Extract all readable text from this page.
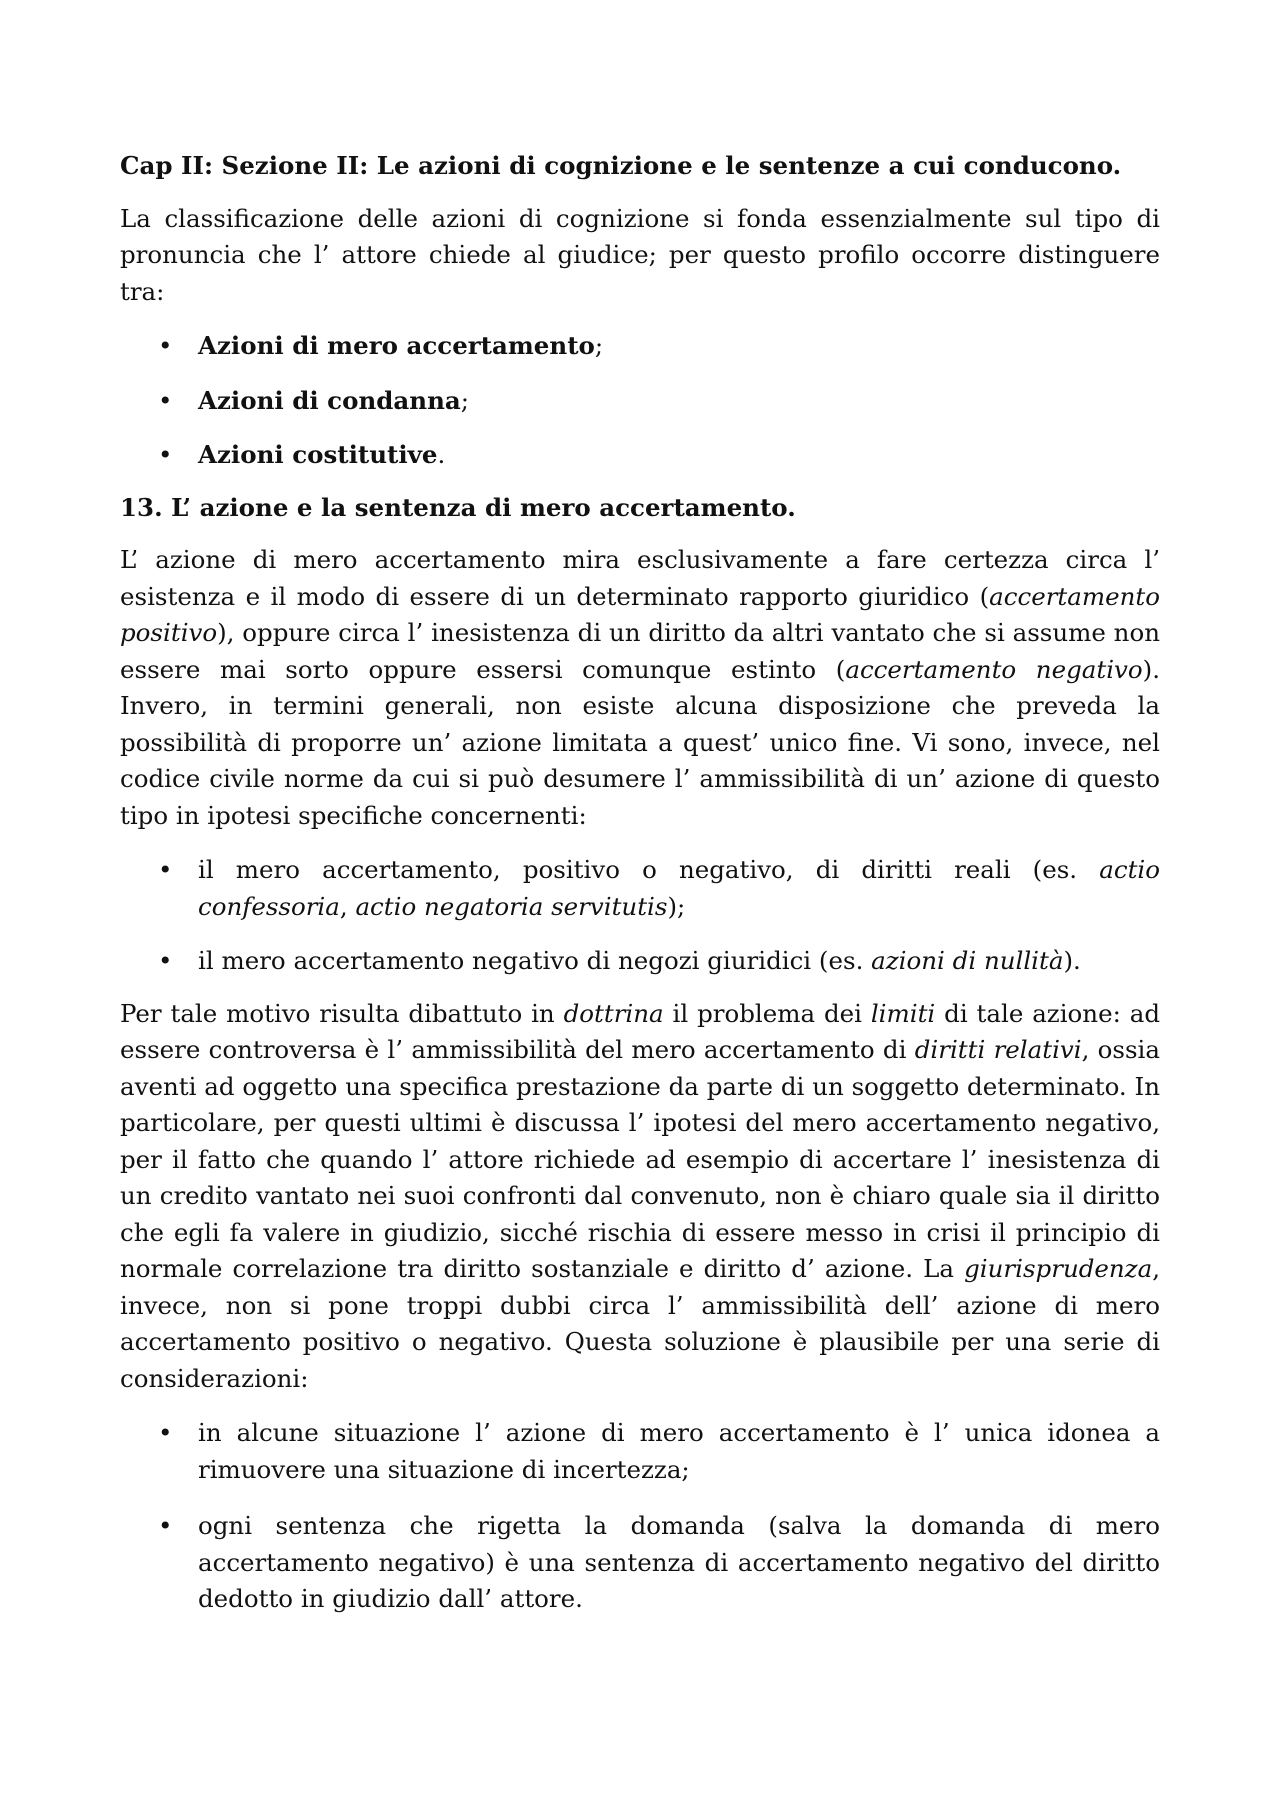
Cap II: Sezione II: Le azioni di cognizione e le sentenze a cui conducono.

La classificazione delle azioni di cognizione si fonda essenzialmente sul tipo di pronuncia che l’ attore chiede al giudice; per questo profilo occorre distinguere tra:

• Azioni di mero accertamento;
• Azioni di condanna;
• Azioni costitutive.

13. L’ azione e la sentenza di mero accertamento.

L’ azione di mero accertamento mira esclusivamente a fare certezza circa l’ esistenza e il modo di essere di un determinato rapporto giuridico (accertamento positivo), oppure circa l’ inesistenza di un diritto da altri vantato che si assume non essere mai sorto oppure essersi comunque estinto (accertamento negativo). Invero, in termini generali, non esiste alcuna disposizione che preveda la possibilità di proporre un’ azione limitata a quest’ unico fine. Vi sono, invece, nel codice civile norme da cui si può desumere l’ ammissibilità di un’ azione di questo tipo in ipotesi specifiche concernenti:

• il mero accertamento, positivo o negativo, di diritti reali (es. actio confessoria, actio negatoria servitutis);
• il mero accertamento negativo di negozi giuridici (es. azioni di nullità).

Per tale motivo risulta dibattuto in dottrina il problema dei limiti di tale azione: ad essere controversa è l’ ammissibilità del mero accertamento di diritti relativi, ossia aventi ad oggetto una specifica prestazione da parte di un soggetto determinato. In particolare, per questi ultimi è discussa l’ ipotesi del mero accertamento negativo, per il fatto che quando l’ attore richiede ad esempio di accertare l’ inesistenza di un credito vantato nei suoi confronti dal convenuto, non è chiaro quale sia il diritto che egli fa valere in giudizio, sicché rischia di essere messo in crisi il principio di normale correlazione tra diritto sostanziale e diritto d’ azione. La giurisprudenza, invece, non si pone troppi dubbi circa l’ ammissibilità dell’ azione di mero accertamento positivo o negativo. Questa soluzione è plausibile per una serie di considerazioni:

• in alcune situazione l’ azione di mero accertamento è l’ unica idonea a rimuovere una situazione di incertezza;
• ogni sentenza che rigetta la domanda (salva la domanda di mero accertamento negativo) è una sentenza di accertamento negativo del diritto dedotto in giudizio dall’ attore.
